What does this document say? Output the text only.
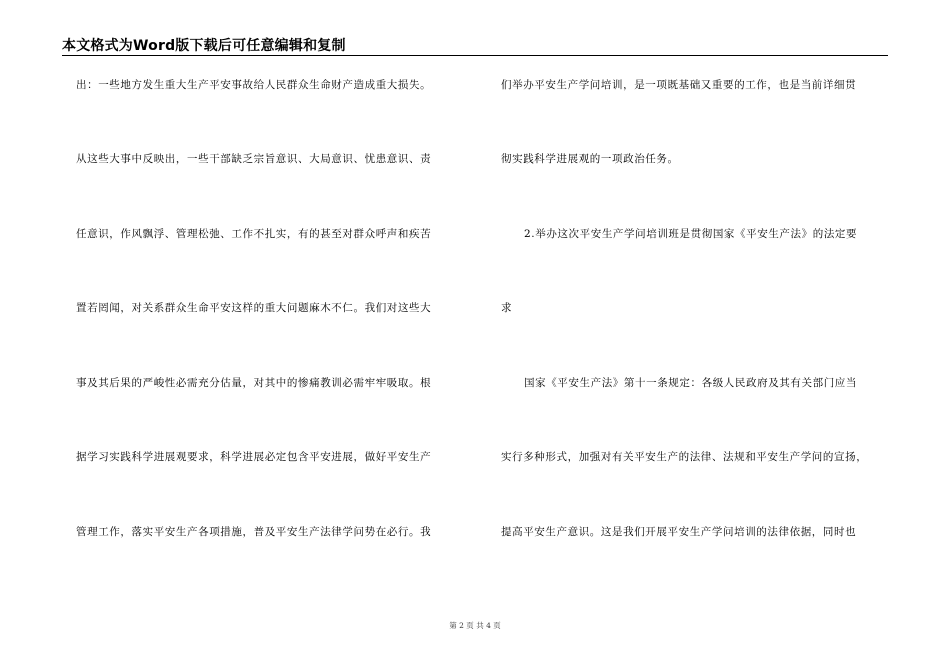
本文格式为Word版下载后可任意编辑和复制
出：一些地方发生重大生产平安事故给人民群众生命财产造成重大损失。
从这些大事中反映出，一些干部缺乏宗旨意识、大局意识、忧患意识、责
任意识，作风飘浮、管理松弛、工作不扎实，有的甚至对群众呼声和疾苦
置若罔闻，对关系群众生命平安这样的重大问题麻木不仁。我们对这些大
事及其后果的严峻性必需充分估量，对其中的惨痛教训必需牢牢吸取。根
据学习实践科学进展观要求，科学进展必定包含平安进展，做好平安生产
管理工作，落实平安生产各项措施，普及平安生产法律学问势在必行。我
们举办平安生产学问培训，是一项既基础又重要的工作，也是当前详细贯
彻实践科学进展观的一项政治任务。
2.举办这次平安生产学问培训班是贯彻国家《平安生产法》的法定要
求
国家《平安生产法》第十一条规定：各级人民政府及其有关部门应当
实行多种形式，加强对有关平安生产的法律、法规和平安生产学问的宣扬，
提高平安生产意识。这是我们开展平安生产学问培训的法律依据，同时也
第 2 页 共 4 页
